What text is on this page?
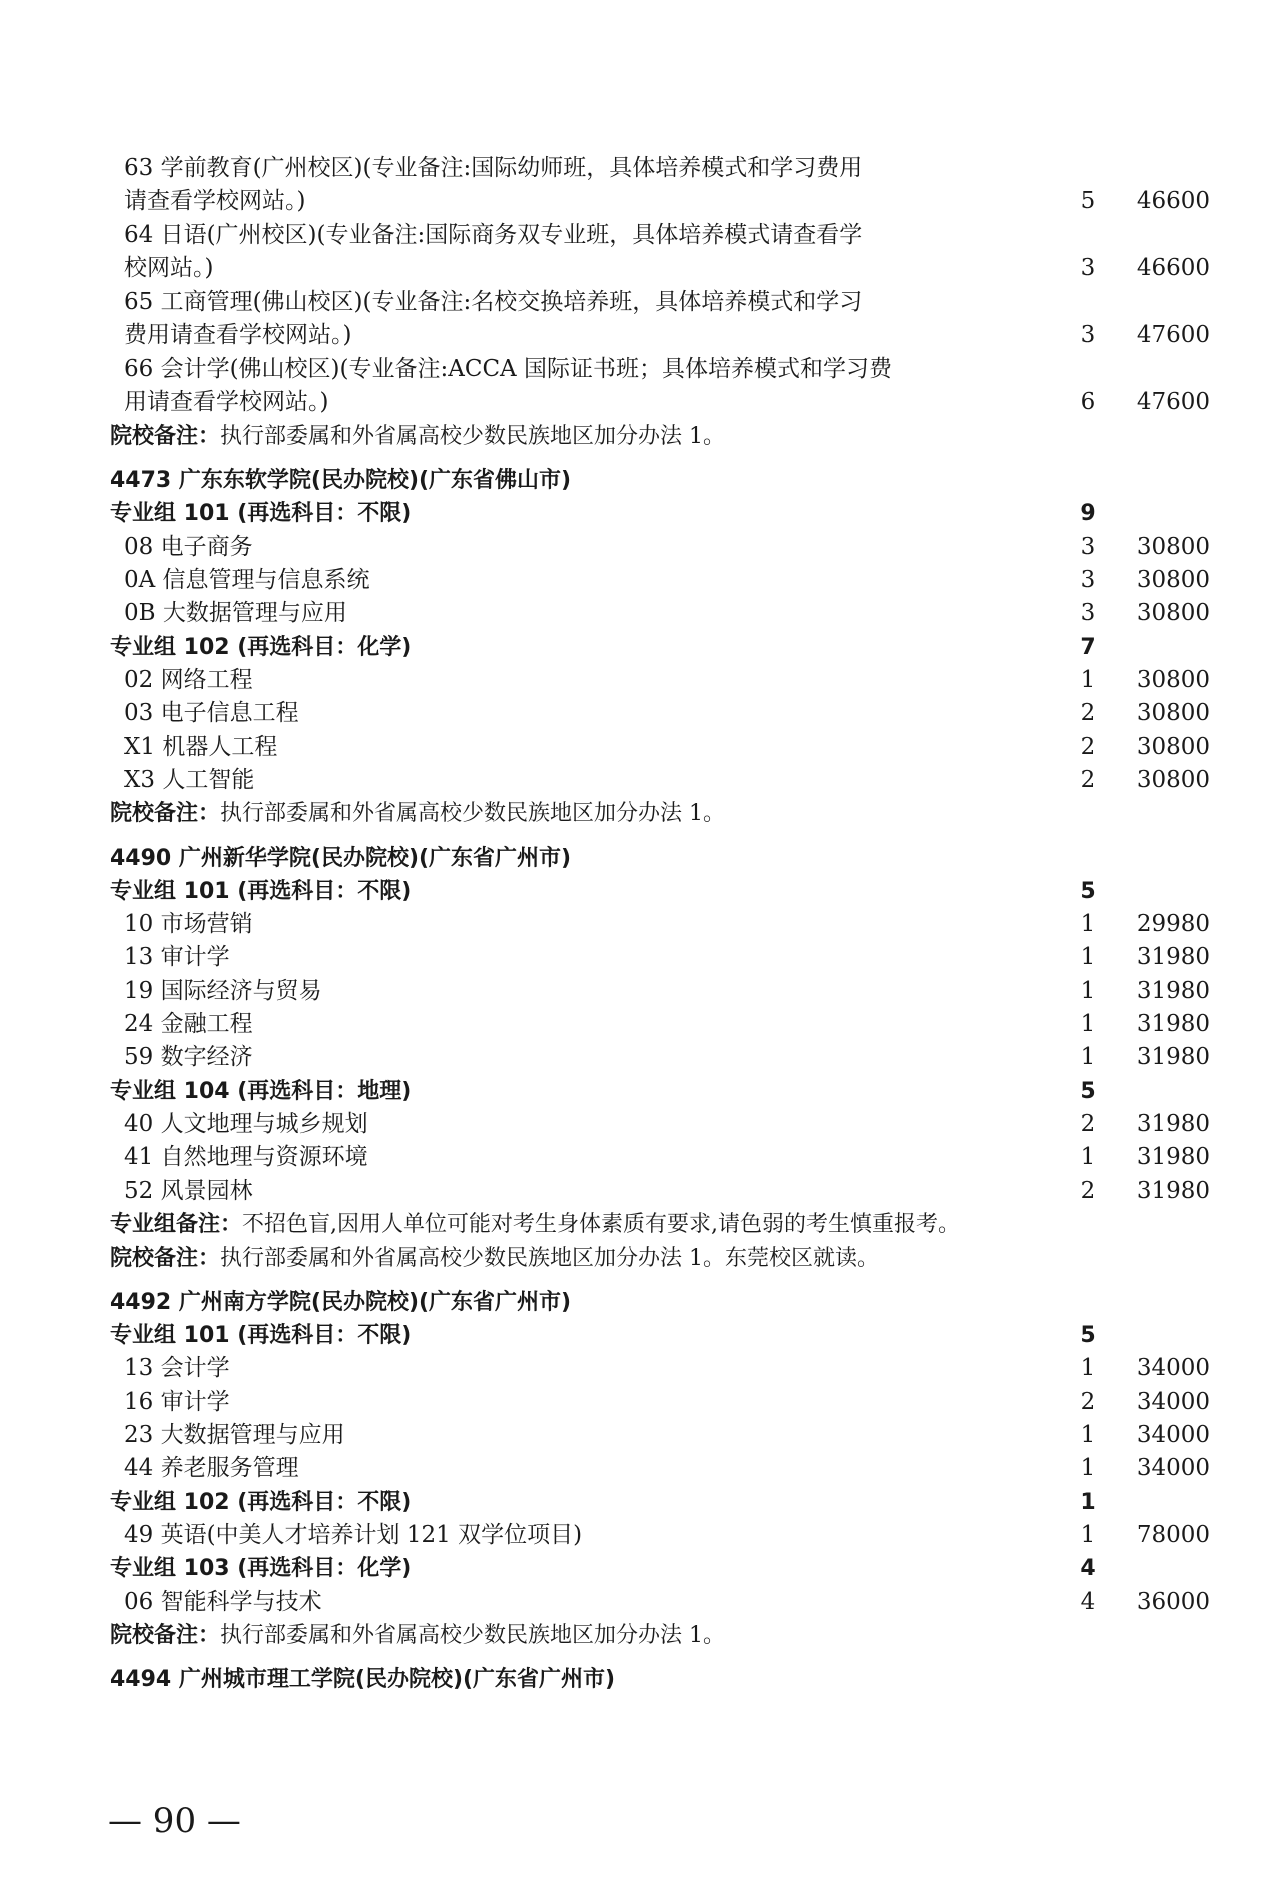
63 学前教育(广州校区)(专业备注:国际幼师班，具体培养模式和学习费用
请查看学校网站。)	5	46600
64 日语(广州校区)(专业备注:国际商务双专业班，具体培养模式请查看学
校网站。)	3	46600
65 工商管理(佛山校区)(专业备注:名校交换培养班，具体培养模式和学习
费用请查看学校网站。)	3	47600
66 会计学(佛山校区)(专业备注:ACCA 国际证书班；具体培养模式和学习费
用请查看学校网站。)	6	47600
院校备注：执行部委属和外省属高校少数民族地区加分办法 1。
4473 广东东软学院(民办院校)(广东省佛山市)
专业组 101 (再选科目：不限)	9
08 电子商务	3	30800
0A 信息管理与信息系统	3	30800
0B 大数据管理与应用	3	30800
专业组 102 (再选科目：化学)	7
02 网络工程	1	30800
03 电子信息工程	2	30800
X1 机器人工程	2	30800
X3 人工智能	2	30800
院校备注：执行部委属和外省属高校少数民族地区加分办法 1。
4490 广州新华学院(民办院校)(广东省广州市)
专业组 101 (再选科目：不限)	5
10 市场营销	1	29980
13 审计学	1	31980
19 国际经济与贸易	1	31980
24 金融工程	1	31980
59 数字经济	1	31980
专业组 104 (再选科目：地理)	5
40 人文地理与城乡规划	2	31980
41 自然地理与资源环境	1	31980
52 风景园林	2	31980
专业组备注：不招色盲,因用人单位可能对考生身体素质有要求,请色弱的考生慎重报考。
院校备注：执行部委属和外省属高校少数民族地区加分办法 1。东莞校区就读。
4492 广州南方学院(民办院校)(广东省广州市)
专业组 101 (再选科目：不限)	5
13 会计学	1	34000
16 审计学	2	34000
23 大数据管理与应用	1	34000
44 养老服务管理	1	34000
专业组 102 (再选科目：不限)	1
49 英语(中美人才培养计划 121 双学位项目)	1	78000
专业组 103 (再选科目：化学)	4
06 智能科学与技术	4	36000
院校备注：执行部委属和外省属高校少数民族地区加分办法 1。
4494 广州城市理工学院(民办院校)(广东省广州市)
— 90 —
